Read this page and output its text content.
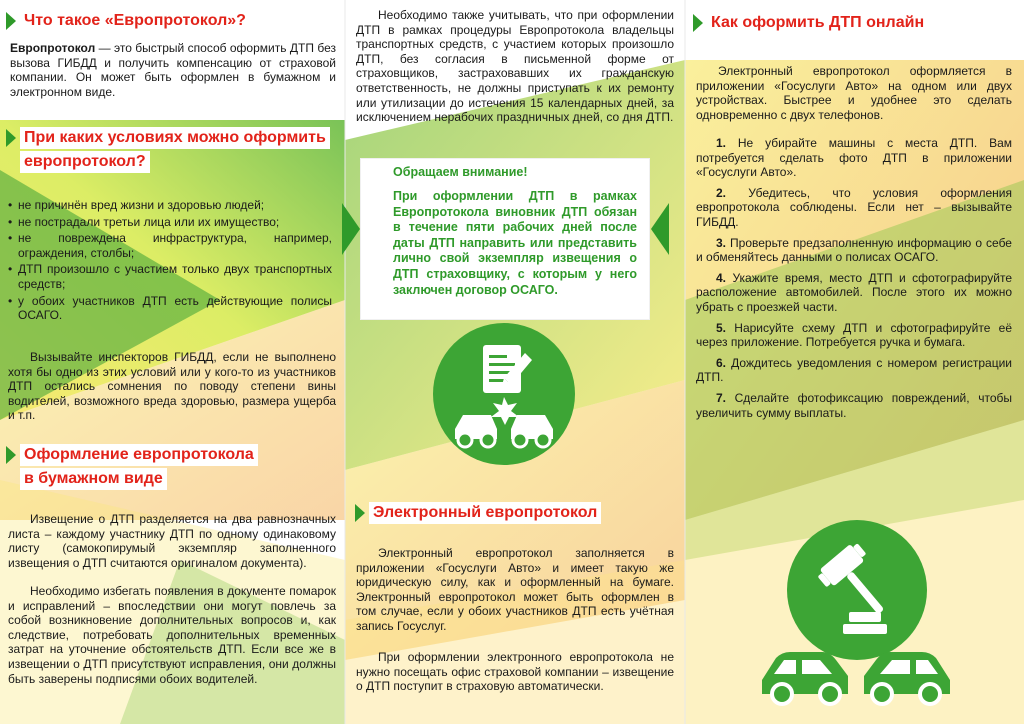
Что такое «Европротокол»?
Европротокол — это быстрый способ оформить ДТП без вызова ГИБДД и получить компенсацию от страховой компании. Он может быть оформлен в бумажном и электронном виде.
При каких условиях можно оформить
европротокол?
• не причинён вред жизни и здоровью людей;
• не пострадали третьи лица или их имущество;
• не повреждена инфраструктура, например, ограждения, столбы;
• ДТП произошло с участием только двух транспортных средств;
• у обоих участников ДТП есть действующие полисы ОСАГО.
Вызывайте инспекторов ГИБДД, если не выполнено хотя бы одно из этих условий или у кого-то из участников ДТП остались сомнения по поводу степени вины водителей, возможного вреда здоровью, размера ущерба и т.п.
Оформление европротокола
в бумажном виде
Извещение о ДТП разделяется на два равнозначных листа – каждому участнику ДТП по одному одинаковому листу (самокопирумый экземпляр заполненного извещения о ДТП считаются оригиналом документа).
Необходимо избегать появления в документе помарок и исправлений – впоследствии они могут повлечь за собой возникновение дополнительных вопросов и, как следствие, потребовать дополнительных временных затрат на уточнение обстоятельств ДТП. Если все же в извещении о ДТП присутствуют исправления, они должны быть заверены подписями обоих водителей.
Необходимо также учитывать, что при оформлении ДТП в рамках процедуры Европротокола владельцы транспортных средств, с участием которых произошло ДТП, без согласия в письменной форме от страховщиков, застраховавших их гражданскую ответственность, не должны приступать к их ремонту или утилизации до истечения 15 календарных дней, за исключением нерабочих праздничных дней, со дня ДТП.
Обращаем внимание!
При оформлении ДТП в рамках Европротокола виновник ДТП обязан в течение пяти рабочих дней после даты ДТП направить или представить лично свой экземпляр извещения о ДТП страховщику, с которым у него заключен договор ОСАГО.
Электронный европротокол
Электронный европротокол заполняется в приложении «Госуслуги Авто» и имеет такую же юридическую силу, как и оформленный на бумаге. Электронный европротокол может быть оформлен в том случае, если у обоих участников ДТП есть учётная запись Госуслуг.
При оформлении электронного европротокола не нужно посещать офис страховой компании – извещение о ДТП поступит в страховую автоматически.
Как оформить ДТП онлайн
Электронный европротокол оформляется в приложении «Госуслуги Авто» на одном или двух устройствах. Быстрее и удобнее это сделать одновременно с двух телефонов.
1. Не убирайте машины с места ДТП. Вам потребуется сделать фото ДТП в приложении «Госуслуги Авто».
2. Убедитесь, что условия оформления европротокола соблюдены. Если нет – вызывайте ГИБДД.
3. Проверьте предзаполненную информацию о себе и обменяйтесь данными о полисах ОСАГО.
4. Укажите время, место ДТП и сфотографируйте расположение автомобилей. После этого их можно убрать с проезжей части.
5. Нарисуйте схему ДТП и сфотографируйте её через приложение. Потребуется ручка и бумага.
6. Дождитесь уведомления с номером регистрации ДТП.
7. Сделайте фотофиксацию повреждений, чтобы увеличить сумму выплаты.
